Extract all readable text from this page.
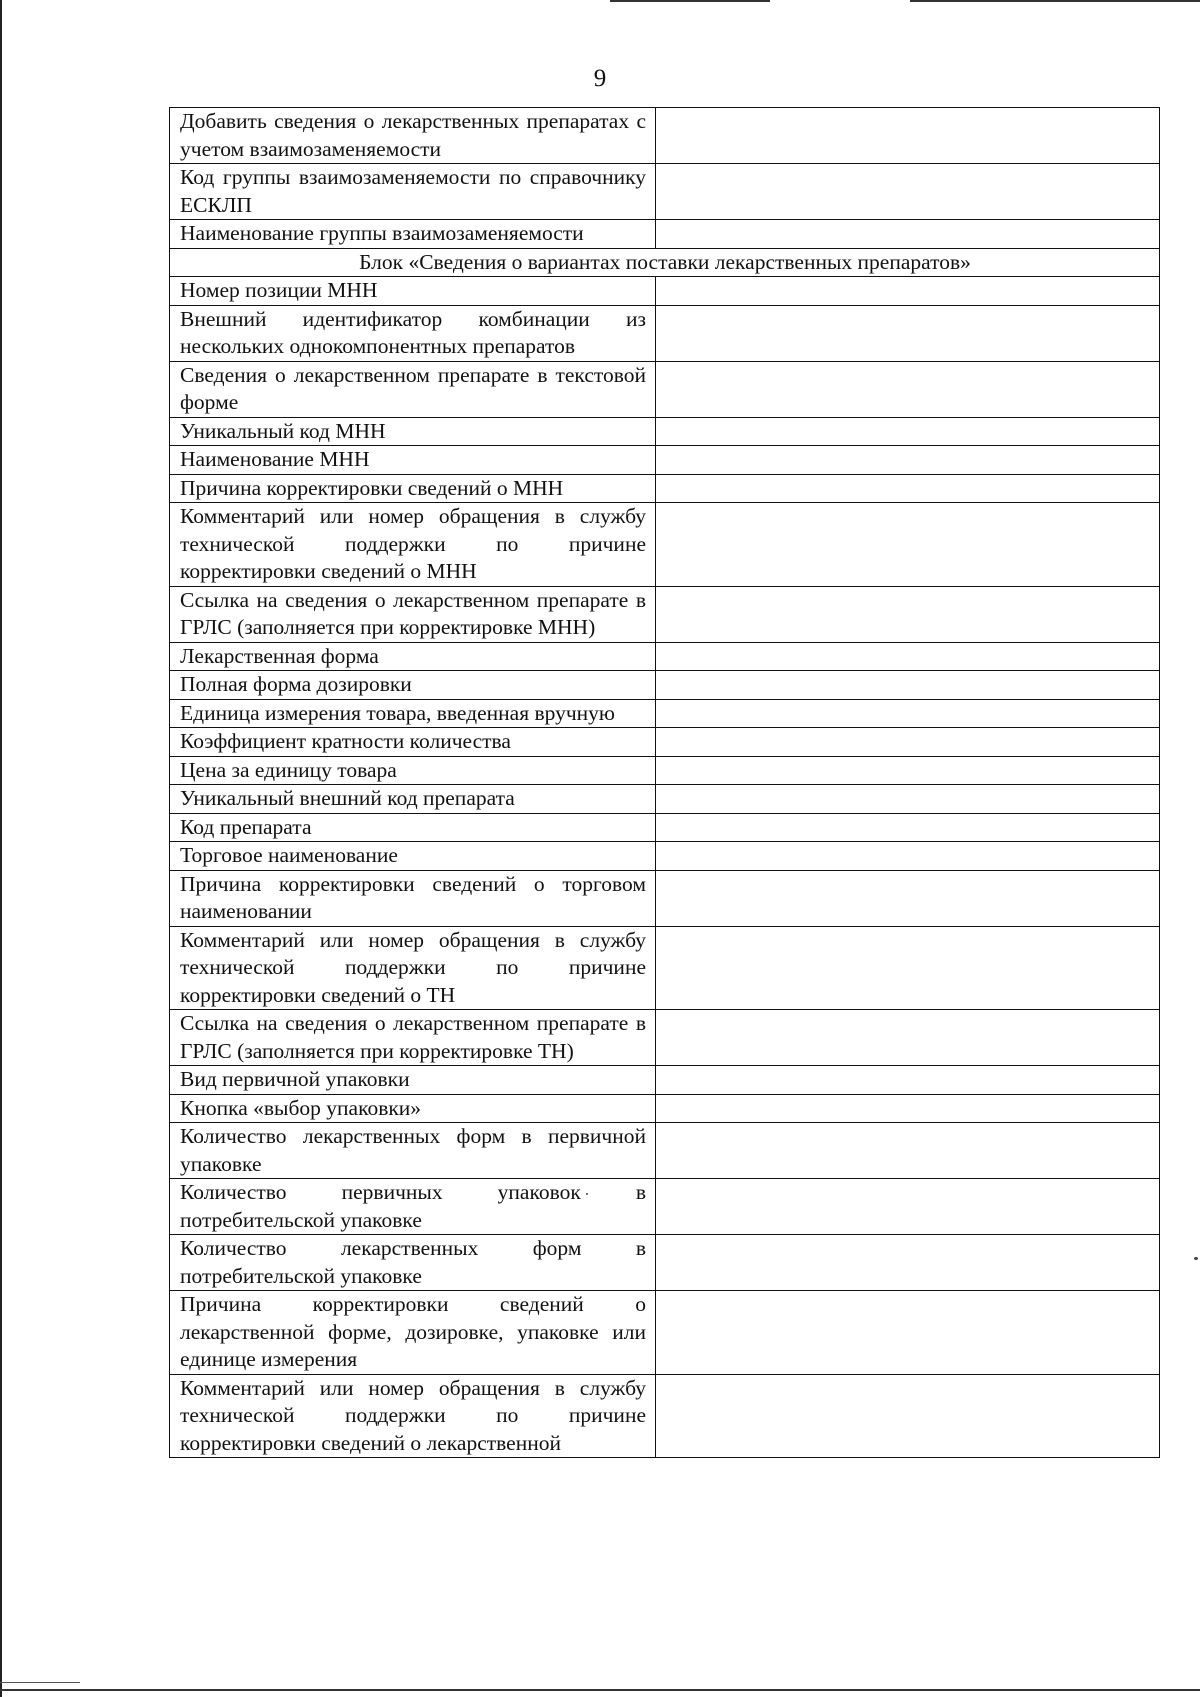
9
Добавить сведения о лекарственных препаратах с учетом взаимозаменяемости	
Код группы взаимозаменяемости по справочнику ЕСКЛП	
Наименование группы взаимозаменяемости	
Блок «Сведения о вариантах поставки лекарственных препаратов»	
Номер позиции МНН	
Внешний идентификатор комбинации из нескольких однокомпонентных препаратов	
Сведения о лекарственном препарате в текстовой форме	
Уникальный код МНН	
Наименование МНН	
Причина корректировки сведений о МНН	
Комментарий или номер обращения в службу технической поддержки по причине корректировки сведений о МНН	
Ссылка на сведения о лекарственном препарате в ГРЛС (заполняется при корректировке МНН)	
Лекарственная форма	
Полная форма дозировки	
Единица измерения товара, введенная вручную	
Коэффициент кратности количества	
Цена за единицу товара	
Уникальный внешний код препарата	
Код препарата	
Торговое наименование	
Причина корректировки сведений о торговом наименовании	
Комментарий или номер обращения в службу технической поддержки по причине корректировки сведений о ТН	
Ссылка на сведения о лекарственном препарате в ГРЛС (заполняется при корректировке ТН)	
Вид первичной упаковки	
Кнопка «выбор упаковки»	
Количество лекарственных форм в первичной упаковке	
Количество первичных упаковок в потребительской упаковке	
Количество лекарственных форм в потребительской упаковке	
Причина корректировки сведений о лекарственной форме, дозировке, упаковке или единице измерения	
Комментарий или номер обращения в службу технической поддержки по причине корректировки сведений о лекарственной	
